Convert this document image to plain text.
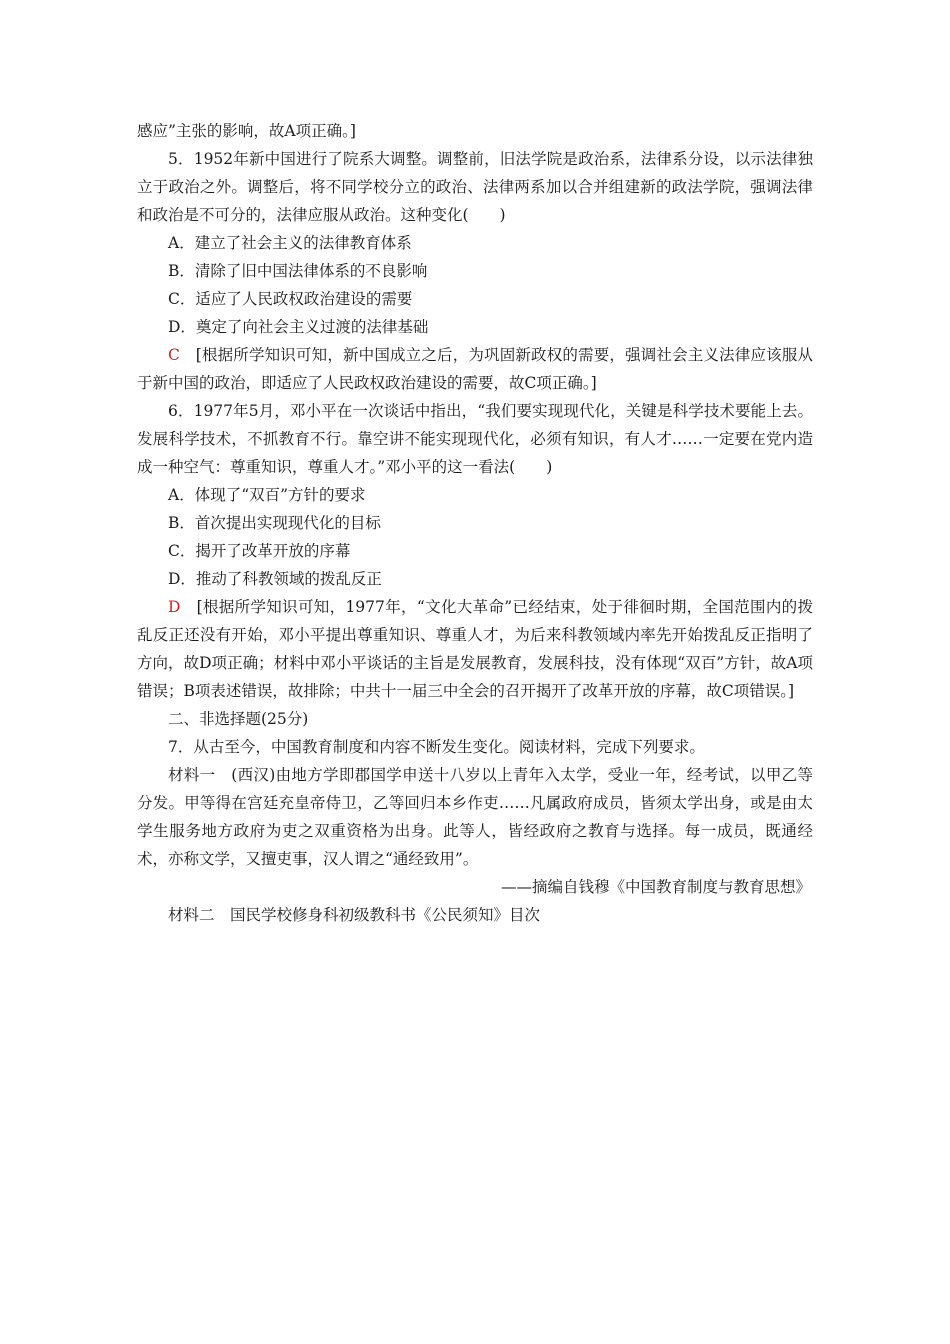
感应”主张的影响，故A项正确。]

5．1952年新中国进行了院系大调整。调整前，旧法学院是政治系，法律系分设，以示法律独立于政治之外。调整后，将不同学校分立的政治、法律两系加以合并组建新的政法学院，强调法律和政治是不可分的，法律应服从政治。这种变化(　　)

A．建立了社会主义的法律教育体系

B．清除了旧中国法律体系的不良影响

C．适应了人民政权政治建设的需要

D．奠定了向社会主义过渡的法律基础

C　[根据所学知识可知，新中国成立之后，为巩固新政权的需要，强调社会主义法律应该服从于新中国的政治，即适应了人民政权政治建设的需要，故C项正确。]

6．1977年5月，邓小平在一次谈话中指出，“我们要实现现代化，关键是科学技术要能上去。发展科学技术，不抓教育不行。靠空讲不能实现现代化，必须有知识，有人才……一定要在党内造成一种空气：尊重知识，尊重人才。”邓小平的这一看法(　　)

A．体现了“双百”方针的要求

B．首次提出实现现代化的目标

C．揭开了改革开放的序幕

D．推动了科教领域的拨乱反正

D　[根据所学知识可知，1977年，“文化大革命”已经结束，处于徘徊时期，全国范围内的拨乱反正还没有开始，邓小平提出尊重知识、尊重人才，为后来科教领域内率先开始拨乱反正指明了方向，故D项正确；材料中邓小平谈话的主旨是发展教育，发展科技，没有体现“双百”方针，故A项错误；B项表述错误，故排除；中共十一届三中全会的召开揭开了改革开放的序幕，故C项错误。]

二、非选择题(25分)

7．从古至今，中国教育制度和内容不断发生变化。阅读材料，完成下列要求。

材料一　(西汉)由地方学即郡国学申送十八岁以上青年入太学，受业一年，经考试，以甲乙等分发。甲等得在宫廷充皇帝侍卫，乙等回归本乡作吏……凡属政府成员，皆须太学出身，或是由太学生服务地方政府为吏之双重资格为出身。此等人，皆经政府之教育与选择。每一成员，既通经术，亦称文学，又擅吏事，汉人谓之“通经致用”。

——摘编自钱穆《中国教育制度与教育思想》

材料二　国民学校修身科初级教科书《公民须知》目次
